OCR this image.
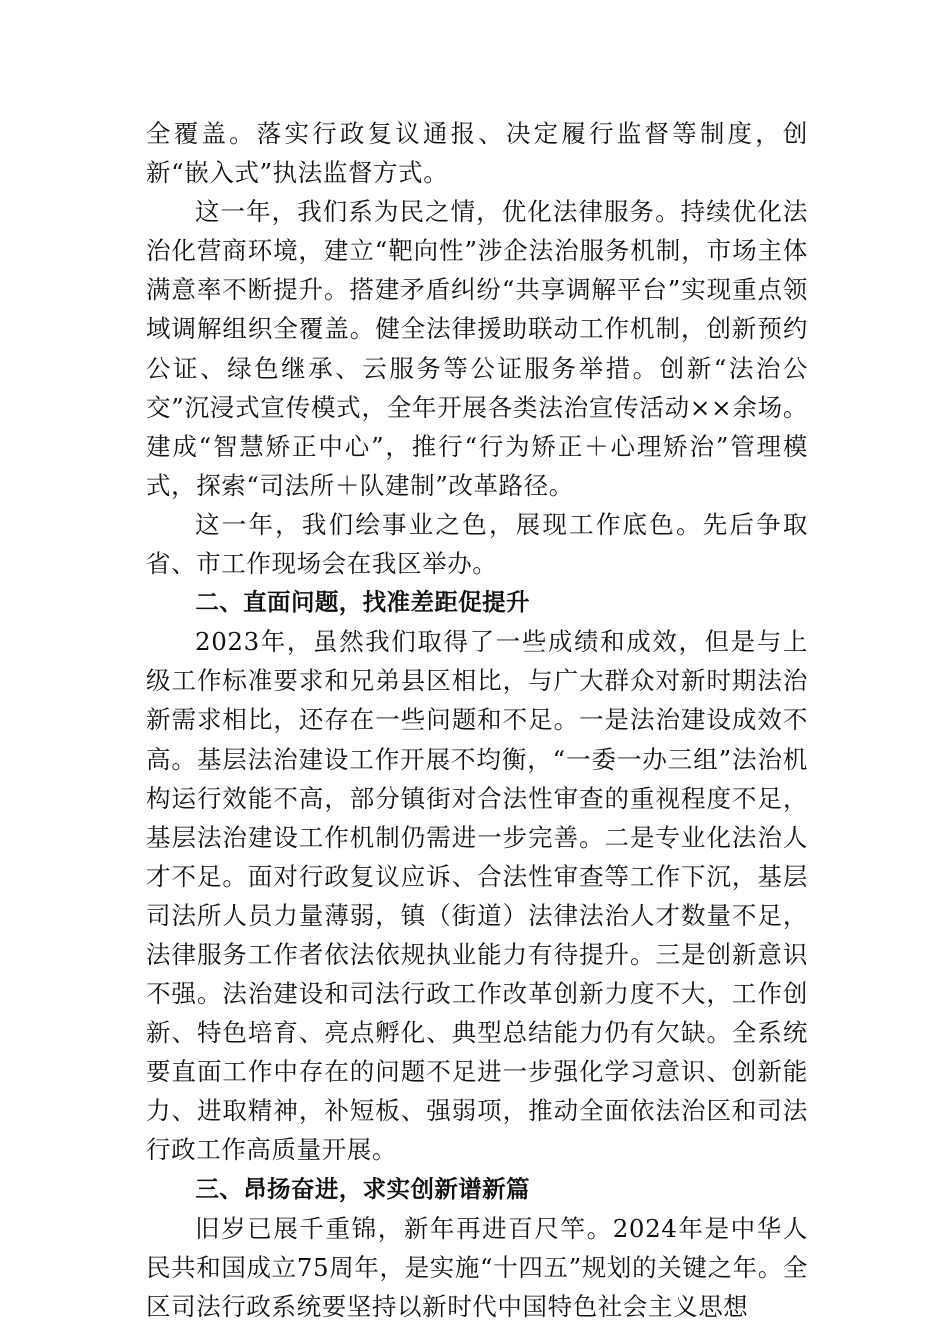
全覆盖。落实行政复议通报、决定履行监督等制度，创新“嵌入式”执法监督方式。

这一年，我们系为民之情，优化法律服务。持续优化法治化营商环境，建立“靶向性”涉企法治服务机制，市场主体满意率不断提升。搭建矛盾纠纷“共享调解平台”实现重点领域调解组织全覆盖。健全法律援助联动工作机制，创新预约公证、绿色继承、云服务等公证服务举措。创新“法治公交”沉浸式宣传模式，全年开展各类法治宣传活动××余场。建成“智慧矫正中心”，推行“行为矫正＋心理矫治”管理模式，探索“司法所＋队建制”改革路径。

这一年，我们绘事业之色，展现工作底色。先后争取省、市工作现场会在我区举办。

二、直面问题，找准差距促提升

2023年，虽然我们取得了一些成绩和成效，但是与上级工作标准要求和兄弟县区相比，与广大群众对新时期法治新需求相比，还存在一些问题和不足。一是法治建设成效不高。基层法治建设工作开展不均衡，“一委一办三组”法治机构运行效能不高，部分镇街对合法性审查的重视程度不足，基层法治建设工作机制仍需进一步完善。二是专业化法治人才不足。面对行政复议应诉、合法性审查等工作下沉，基层司法所人员力量薄弱，镇（街道）法律法治人才数量不足，法律服务工作者依法依规执业能力有待提升。三是创新意识不强。法治建设和司法行政工作改革创新力度不大，工作创新、特色培育、亮点孵化、典型总结能力仍有欠缺。全系统要直面工作中存在的问题不足进一步强化学习意识、创新能力、进取精神，补短板、强弱项，推动全面依法治区和司法行政工作高质量开展。

三、昂扬奋进，求实创新谱新篇

旧岁已展千重锦，新年再进百尺竿。2024年是中华人民共和国成立75周年，是实施“十四五”规划的关键之年。全区司法行政系统要坚持以新时代中国特色社会主义思想
